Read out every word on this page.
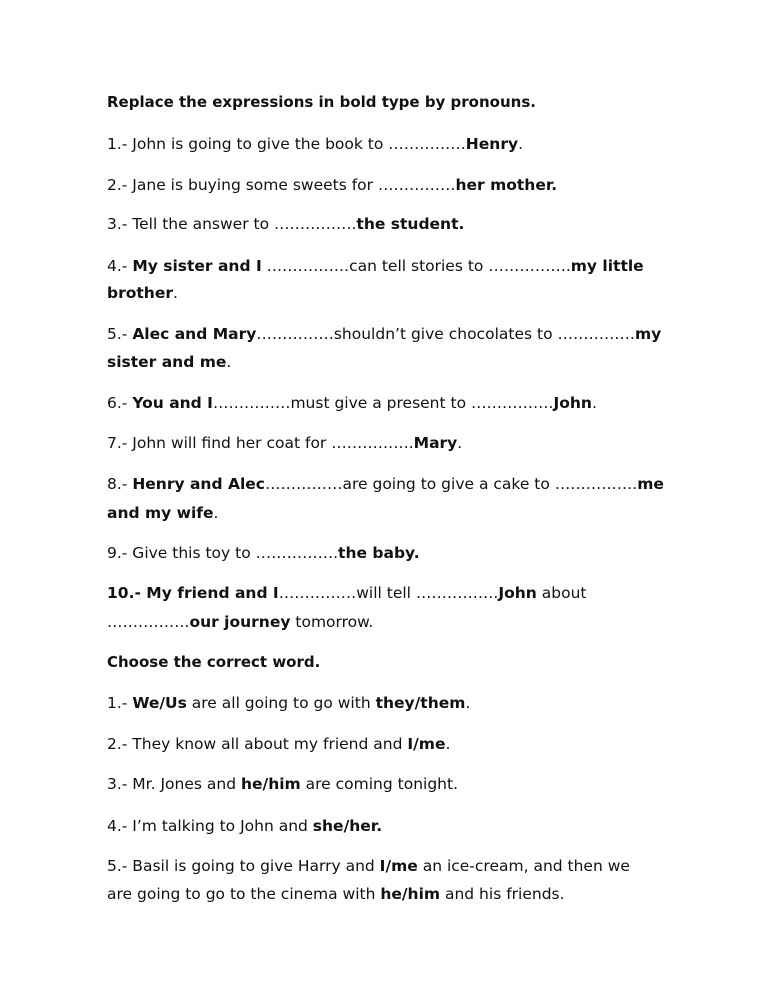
Replace the expressions in bold type by pronouns.
1.- John is going to give the book to ……………Henry.
2.- Jane is buying some sweets for ……………her mother.
3.- Tell the answer to …………….the student.
4.- My sister and I …………….can tell stories to …………….my little
brother.
5.- Alec and Mary……………shouldn’t give chocolates to ……………my
sister and me.
6.- You and I……………must give a present to …………….John.
7.- John will find her coat for …………….Mary.
8.- Henry and Alec……………are going to give a cake to …………….me
and my wife.
9.- Give this toy to …………….the baby.
10.- My friend and I……………will tell …………….John about
…………….our journey tomorrow.
Choose the correct word.
1.- We/Us are all going to go with they/them.
2.- They know all about my friend and I/me.
3.- Mr. Jones and he/him are coming tonight.
4.- I’m talking to John and she/her.
5.- Basil is going to give Harry and I/me an ice-cream, and then we
are going to go to the cinema with he/him and his friends.
